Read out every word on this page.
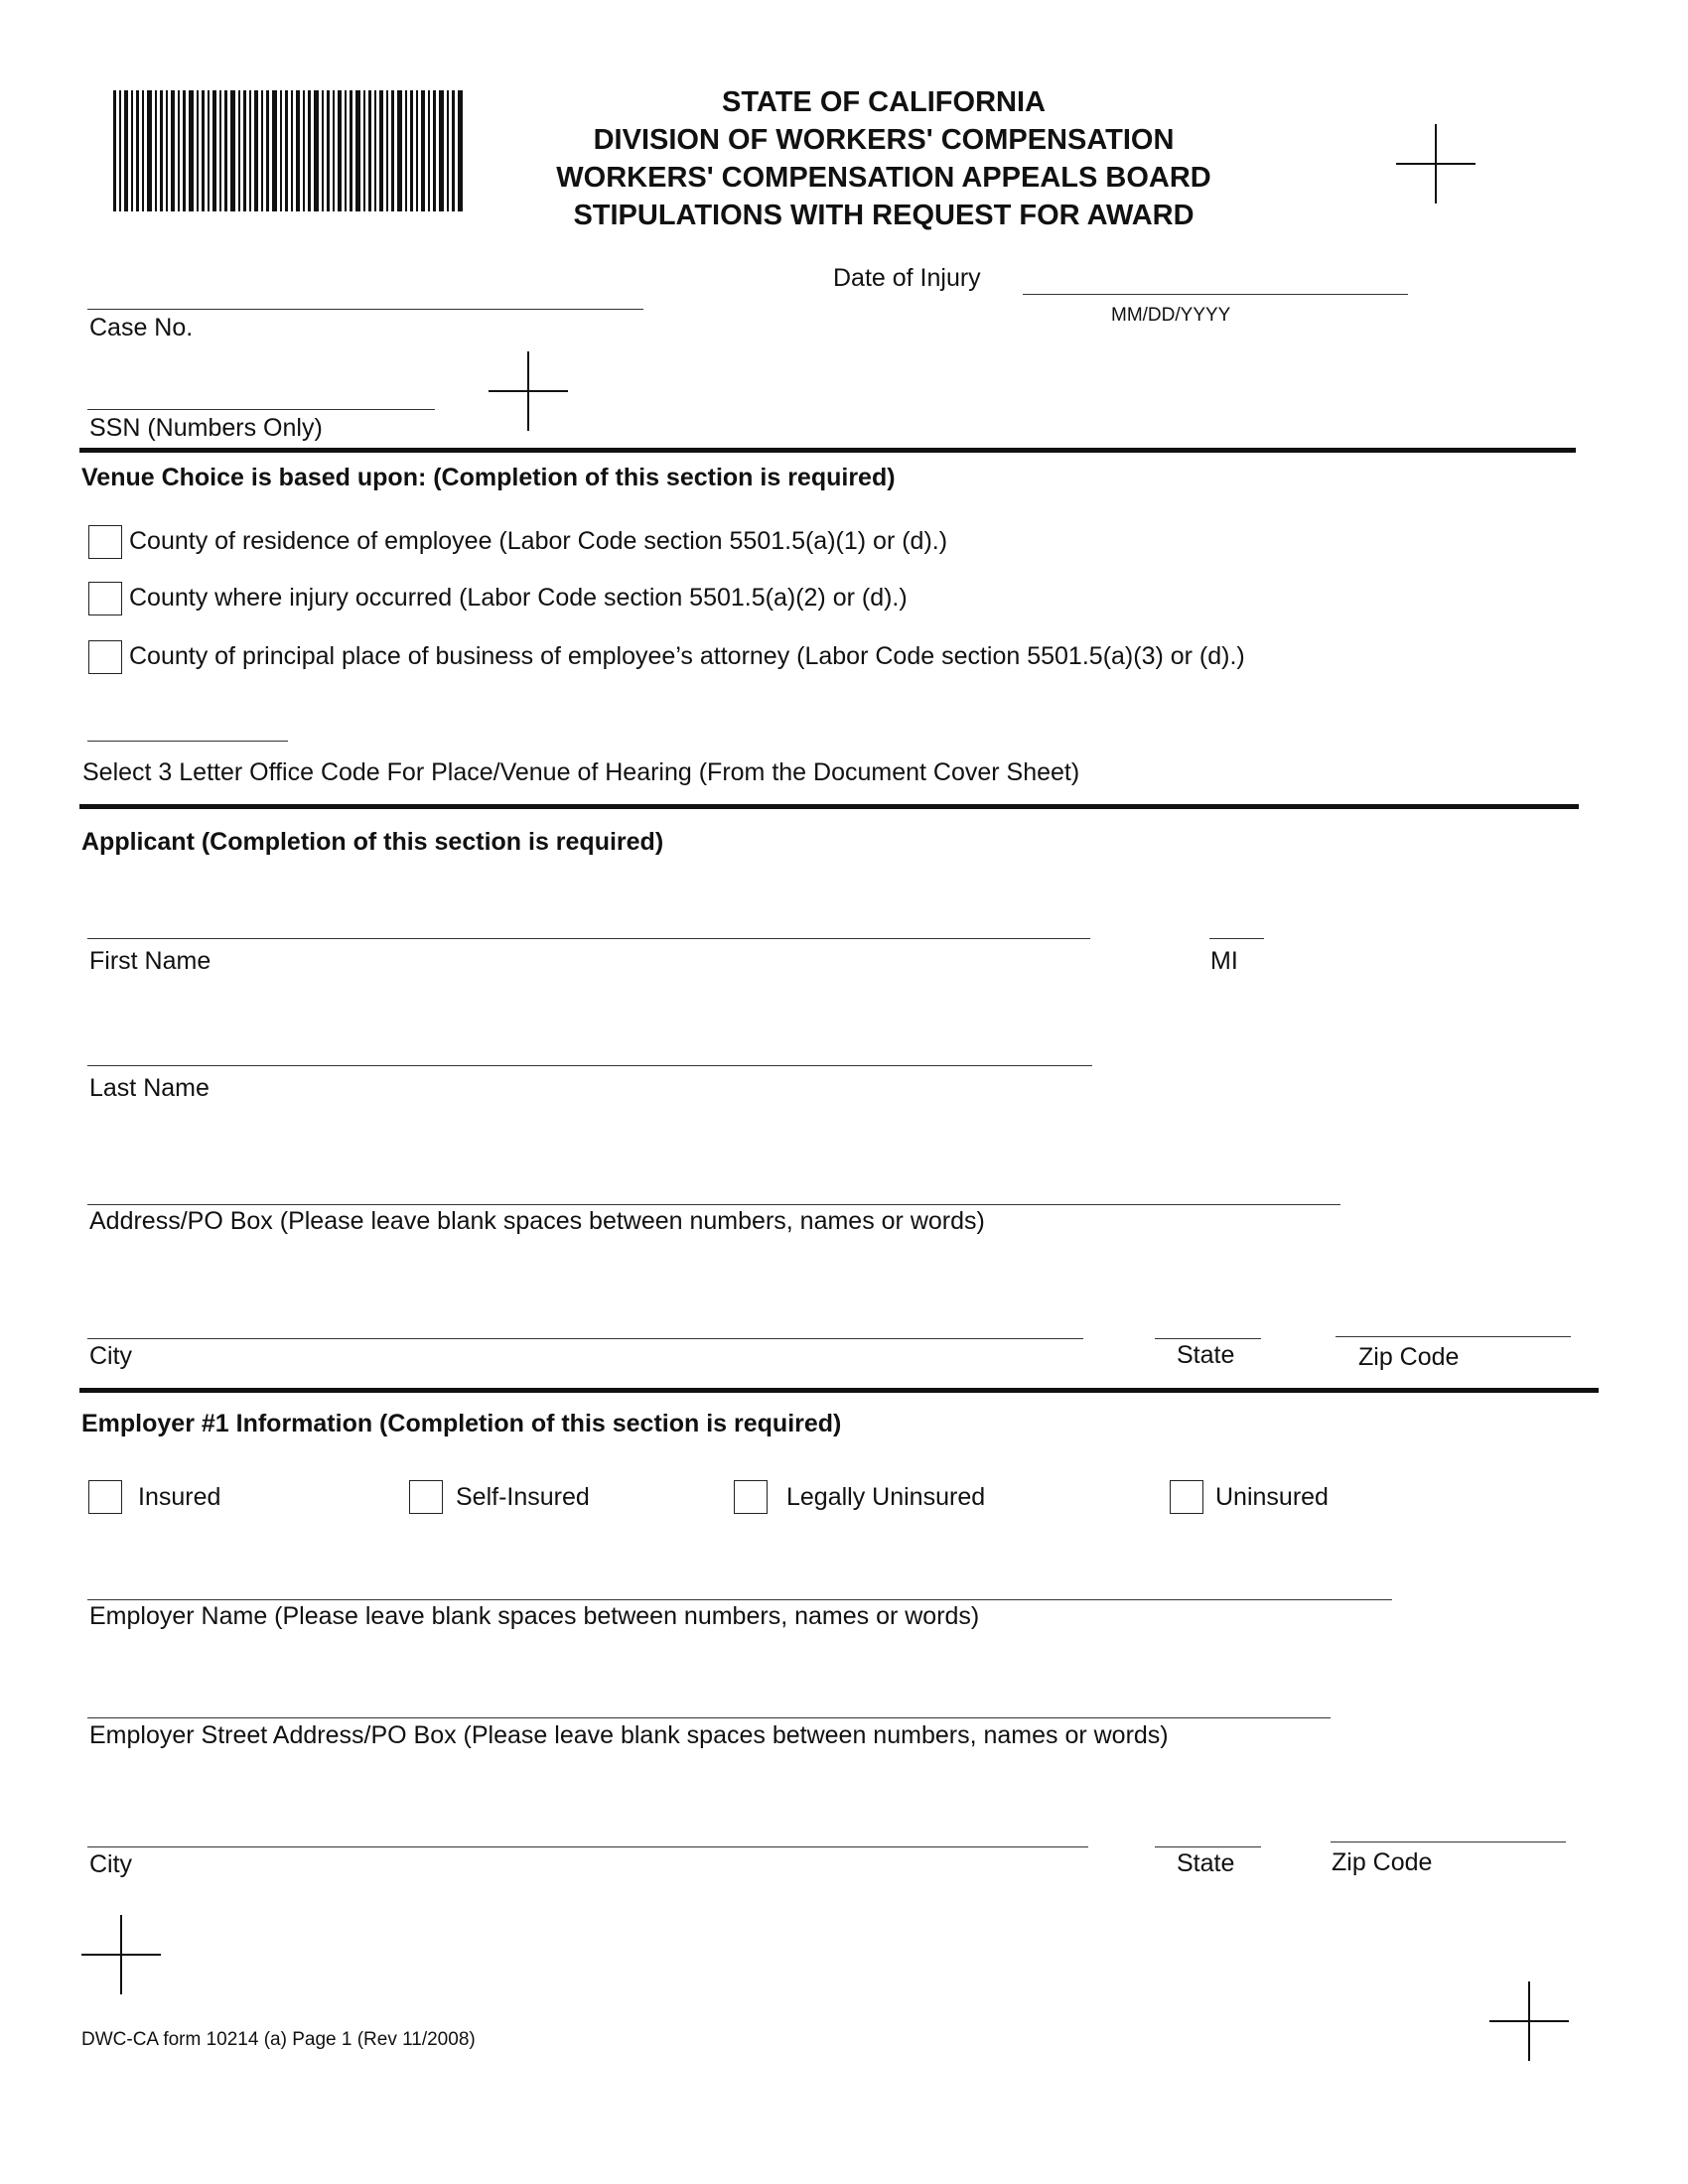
STATE OF CALIFORNIA
DIVISION OF WORKERS' COMPENSATION
WORKERS' COMPENSATION APPEALS BOARD
STIPULATIONS WITH REQUEST FOR AWARD
Date of Injury
MM/DD/YYYY
Case No.
SSN (Numbers Only)
Venue Choice is based upon: (Completion of this section is required)
County of residence of employee (Labor Code section 5501.5(a)(1) or (d).)
County where injury occurred (Labor Code section 5501.5(a)(2) or (d).)
County of principal place of business of employee’s attorney (Labor Code section 5501.5(a)(3) or (d).)
Select 3 Letter Office Code For Place/Venue of Hearing (From the Document Cover Sheet)
Applicant (Completion of this section is required)
First Name	MI
Last Name
Address/PO Box (Please leave blank spaces between numbers, names or words)
City	State	Zip Code
Employer #1 Information (Completion of this section is required)
Insured	Self-Insured	Legally Uninsured	Uninsured
Employer Name (Please leave blank spaces between numbers, names or words)
Employer Street Address/PO Box (Please leave blank spaces between numbers, names or words)
City	State	Zip Code
DWC-CA form 10214 (a) Page 1 (Rev 11/2008)
